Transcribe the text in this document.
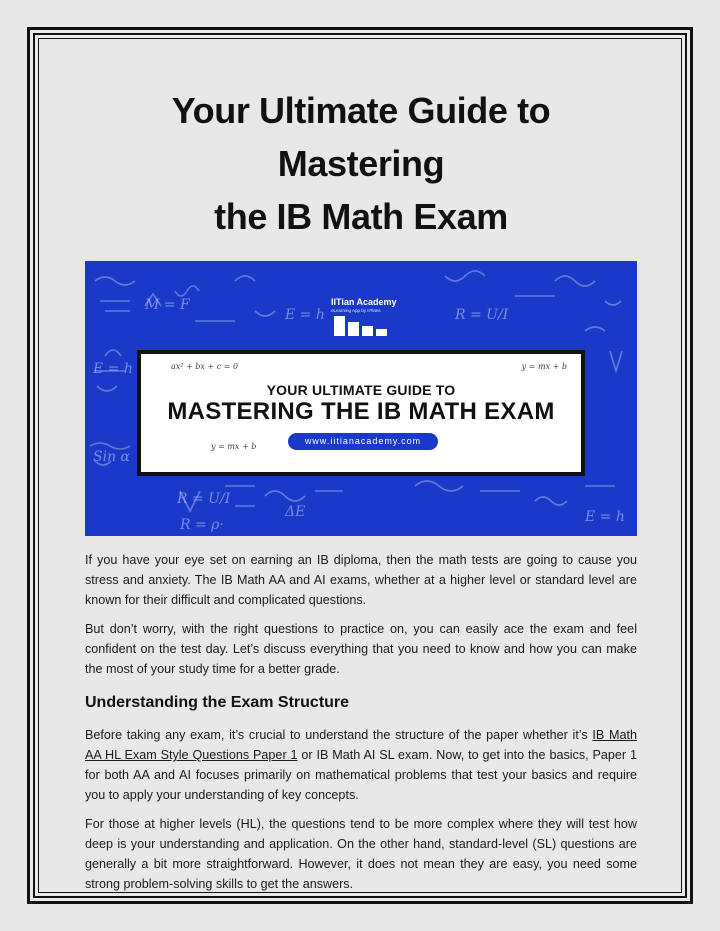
Your Ultimate Guide to Mastering
the IB Math Exam
E = h
M = F
E = h	R = U/I
Sin α
R = U/I
ΔE
R = ρ·	E = h
IITian Academy
eLearning App by IITians
ax² + bx + c = 0	y = mx + b
y = mx + b
YOUR ULTIMATE GUIDE TO
MASTERING THE IB MATH EXAM
www.iitianacademy.com

If you have your eye set on earning an IB diploma, then the math tests are going to cause you stress and anxiety. The IB Math AA and AI exams, whether at a higher level or standard level are known for their difficult and complicated questions.

But don’t worry, with the right questions to practice on, you can easily ace the exam and feel confident on the test day. Let’s discuss everything that you need to know and how you can make the most of your study time for a better grade.

Understanding the Exam Structure

Before taking any exam, it’s crucial to understand the structure of the paper whether it’s IB Math AA HL Exam Style Questions Paper 1 or IB Math AI SL exam. Now, to get into the basics, Paper 1 for both AA and AI focuses primarily on mathematical problems that test your basics and require you to apply your understanding of key concepts.

For those at higher levels (HL), the questions tend to be more complex where they will test how deep is your understanding and application. On the other hand, standard-level (SL) questions are generally a bit more straightforward. However, it does not mean they are easy, you need some strong problem-solving skills to get the answers.
